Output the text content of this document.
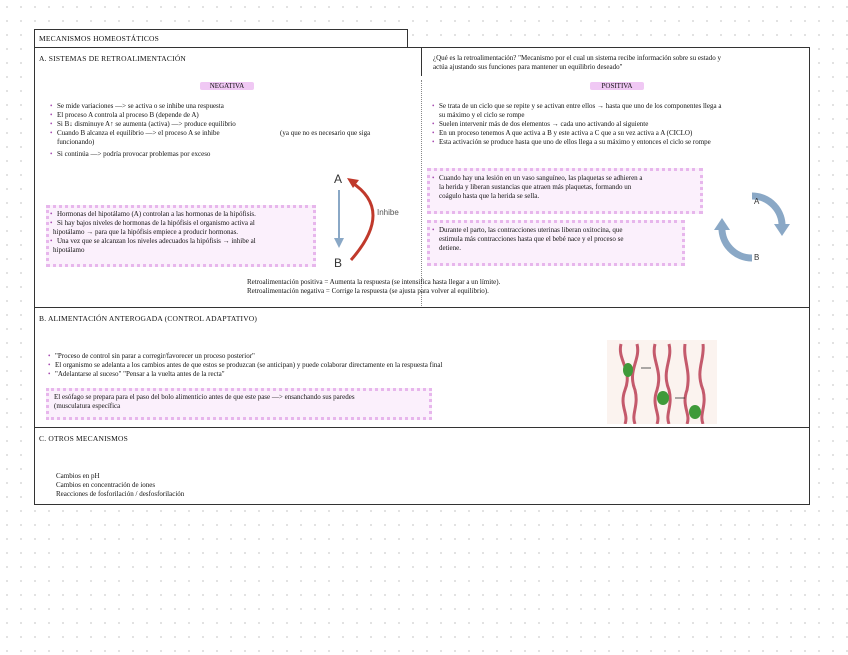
MECANISMOS HOMEOSTÁTICOS
A. SISTEMAS DE RETROALIMENTACIÓN	¿Qué es la retroalimentación? "Mecanismo por el cual un sistema recibe información sobre su estado y
actúa ajustando sus funciones para mantener un equilibrio deseado"
NEGATIVA
• Se mide variaciones —> se activa o se inhibe una respuesta
• El proceso A controla al proceso B (depende de A)
• Si B↓ disminuye A↑ se aumenta (activa) —> produce equilibrio
• Cuando B alcanza el equilibrio —> el proceso A se inhibe	(ya que no es necesario que siga
funcionando)
• Si continúa —> podría provocar problemas por exceso
• Hormonas del hipotálamo (A) controlan a las hormonas de la hipófisis.
• Si hay bajos niveles de hormonas de la hipófisis el organismo activa al
hipotálamo → para que la hipófisis empiece a producir hormonas.
• Una vez que se alcanzan los niveles adecuados la hipófisis → inhibe al
hipotálamo
A
B
Inhibe
POSITIVA
• Se trata de un ciclo que se repite y se activan entre ellos → hasta que uno de los componentes llega a
su máximo y el ciclo se rompe
• Suelen intervenir más de dos elementos → cada uno activando al siguiente
• En un proceso tenemos A que activa a B y este activa a C que a su vez activa a A (CICLO)
• Esta activación se produce hasta que uno de ellos llega a su máximo y entonces el ciclo se rompe
• Cuando hay una lesión en un vaso sanguíneo, las plaquetas se adhieren a
la herida y liberan sustancias que atraen más plaquetas, formando un
coágulo hasta que la herida se sella.
• Durante el parto, las contracciones uterinas liberan oxitocina, que
estimula más contracciones hasta que el bebé nace y el proceso se
detiene.
A
B
Retroalimentación positiva = Aumenta la respuesta (se intensifica hasta llegar a un límite).
Retroalimentación negativa = Corrige la respuesta (se ajusta para volver al equilibrio).
B. ALIMENTACIÓN ANTEROGADA (CONTROL ADAPTATIVO)
• "Proceso de control sin parar a corregir/favorecer un proceso posterior"
• El organismo se adelanta a los cambios antes de que estos se produzcan (se anticipan) y puede colaborar directamente en la respuesta final
• "Adelantarse al suceso" "Pensar a la vuelta antes de la recta"
El esófago se prepara para el paso del bolo alimenticio antes de que este pase —> ensanchando sus paredes
(musculatura específica
C. OTROS MECANISMOS
Cambios en pH
Cambios en concentración de iones
Reacciones de fosforilación / desfosforilación
